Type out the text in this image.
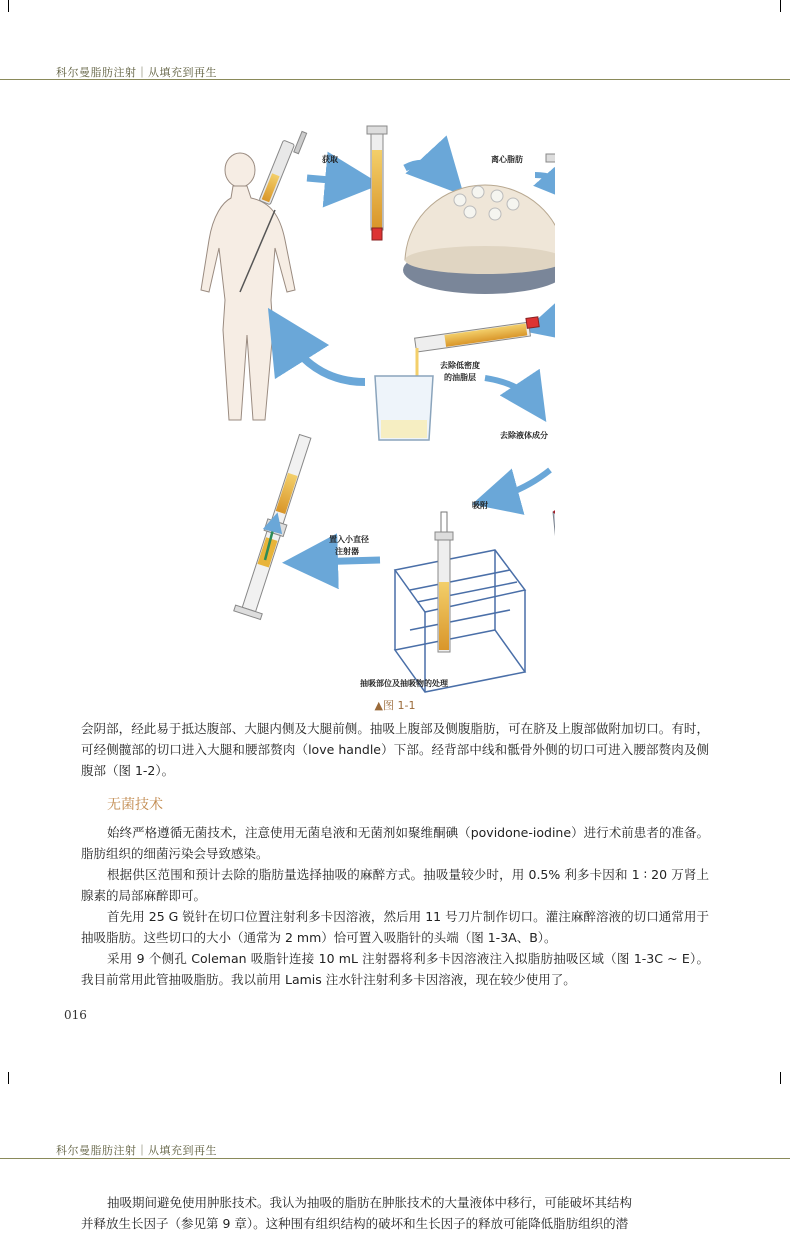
科尔曼脂肪注射｜从填充到再生
获取	离心脂肪
去除低密度
的油脂层
去除液体成分
吸附
置入小直径
注射器
抽吸部位及抽吸物的处理
▲图 1-1

会阴部，经此易于抵达腹部、大腿内侧及大腿前侧。抽吸上腹部及侧腹脂肪，可在脐及上腹部做附加切口。有时，可经侧髋部的切口进入大腿和腰部赘肉（love handle）下部。经背部中线和骶骨外侧的切口可进入腰部赘肉及侧腹部（图 1-2）。

无菌技术

始终严格遵循无菌技术，注意使用无菌皂液和无菌剂如聚维酮碘（povidone-iodine）进行术前患者的准备。脂肪组织的细菌污染会导致感染。

根据供区范围和预计去除的脂肪量选择抽吸的麻醉方式。抽吸量较少时，用 0.5% 利多卡因和 1 ∶ 20 万肾上腺素的局部麻醉即可。

首先用 25 G 锐针在切口位置注射利多卡因溶液，然后用 11 号刀片制作切口。灌注麻醉溶液的切口通常用于抽吸脂肪。这些切口的大小（通常为 2 mm）恰可置入吸脂针的头端（图 1-3A、B）。

采用 9 个侧孔 Coleman 吸脂针连接 10 mL 注射器将利多卡因溶液注入拟脂肪抽吸区域（图 1-3C ~ E）。我目前常用此管抽吸脂肪。我以前用 Lamis 注水针注射利多卡因溶液，现在较少使用了。

016
科尔曼脂肪注射｜从填充到再生

抽吸期间避免使用肿胀技术。我认为抽吸的脂肪在肿胀技术的大量液体中移行，可能破坏其结构

并释放生长因子（参见第 9 章）。这种围有组织结构的破坏和生长因子的释放可能降低脂肪组织的潜
